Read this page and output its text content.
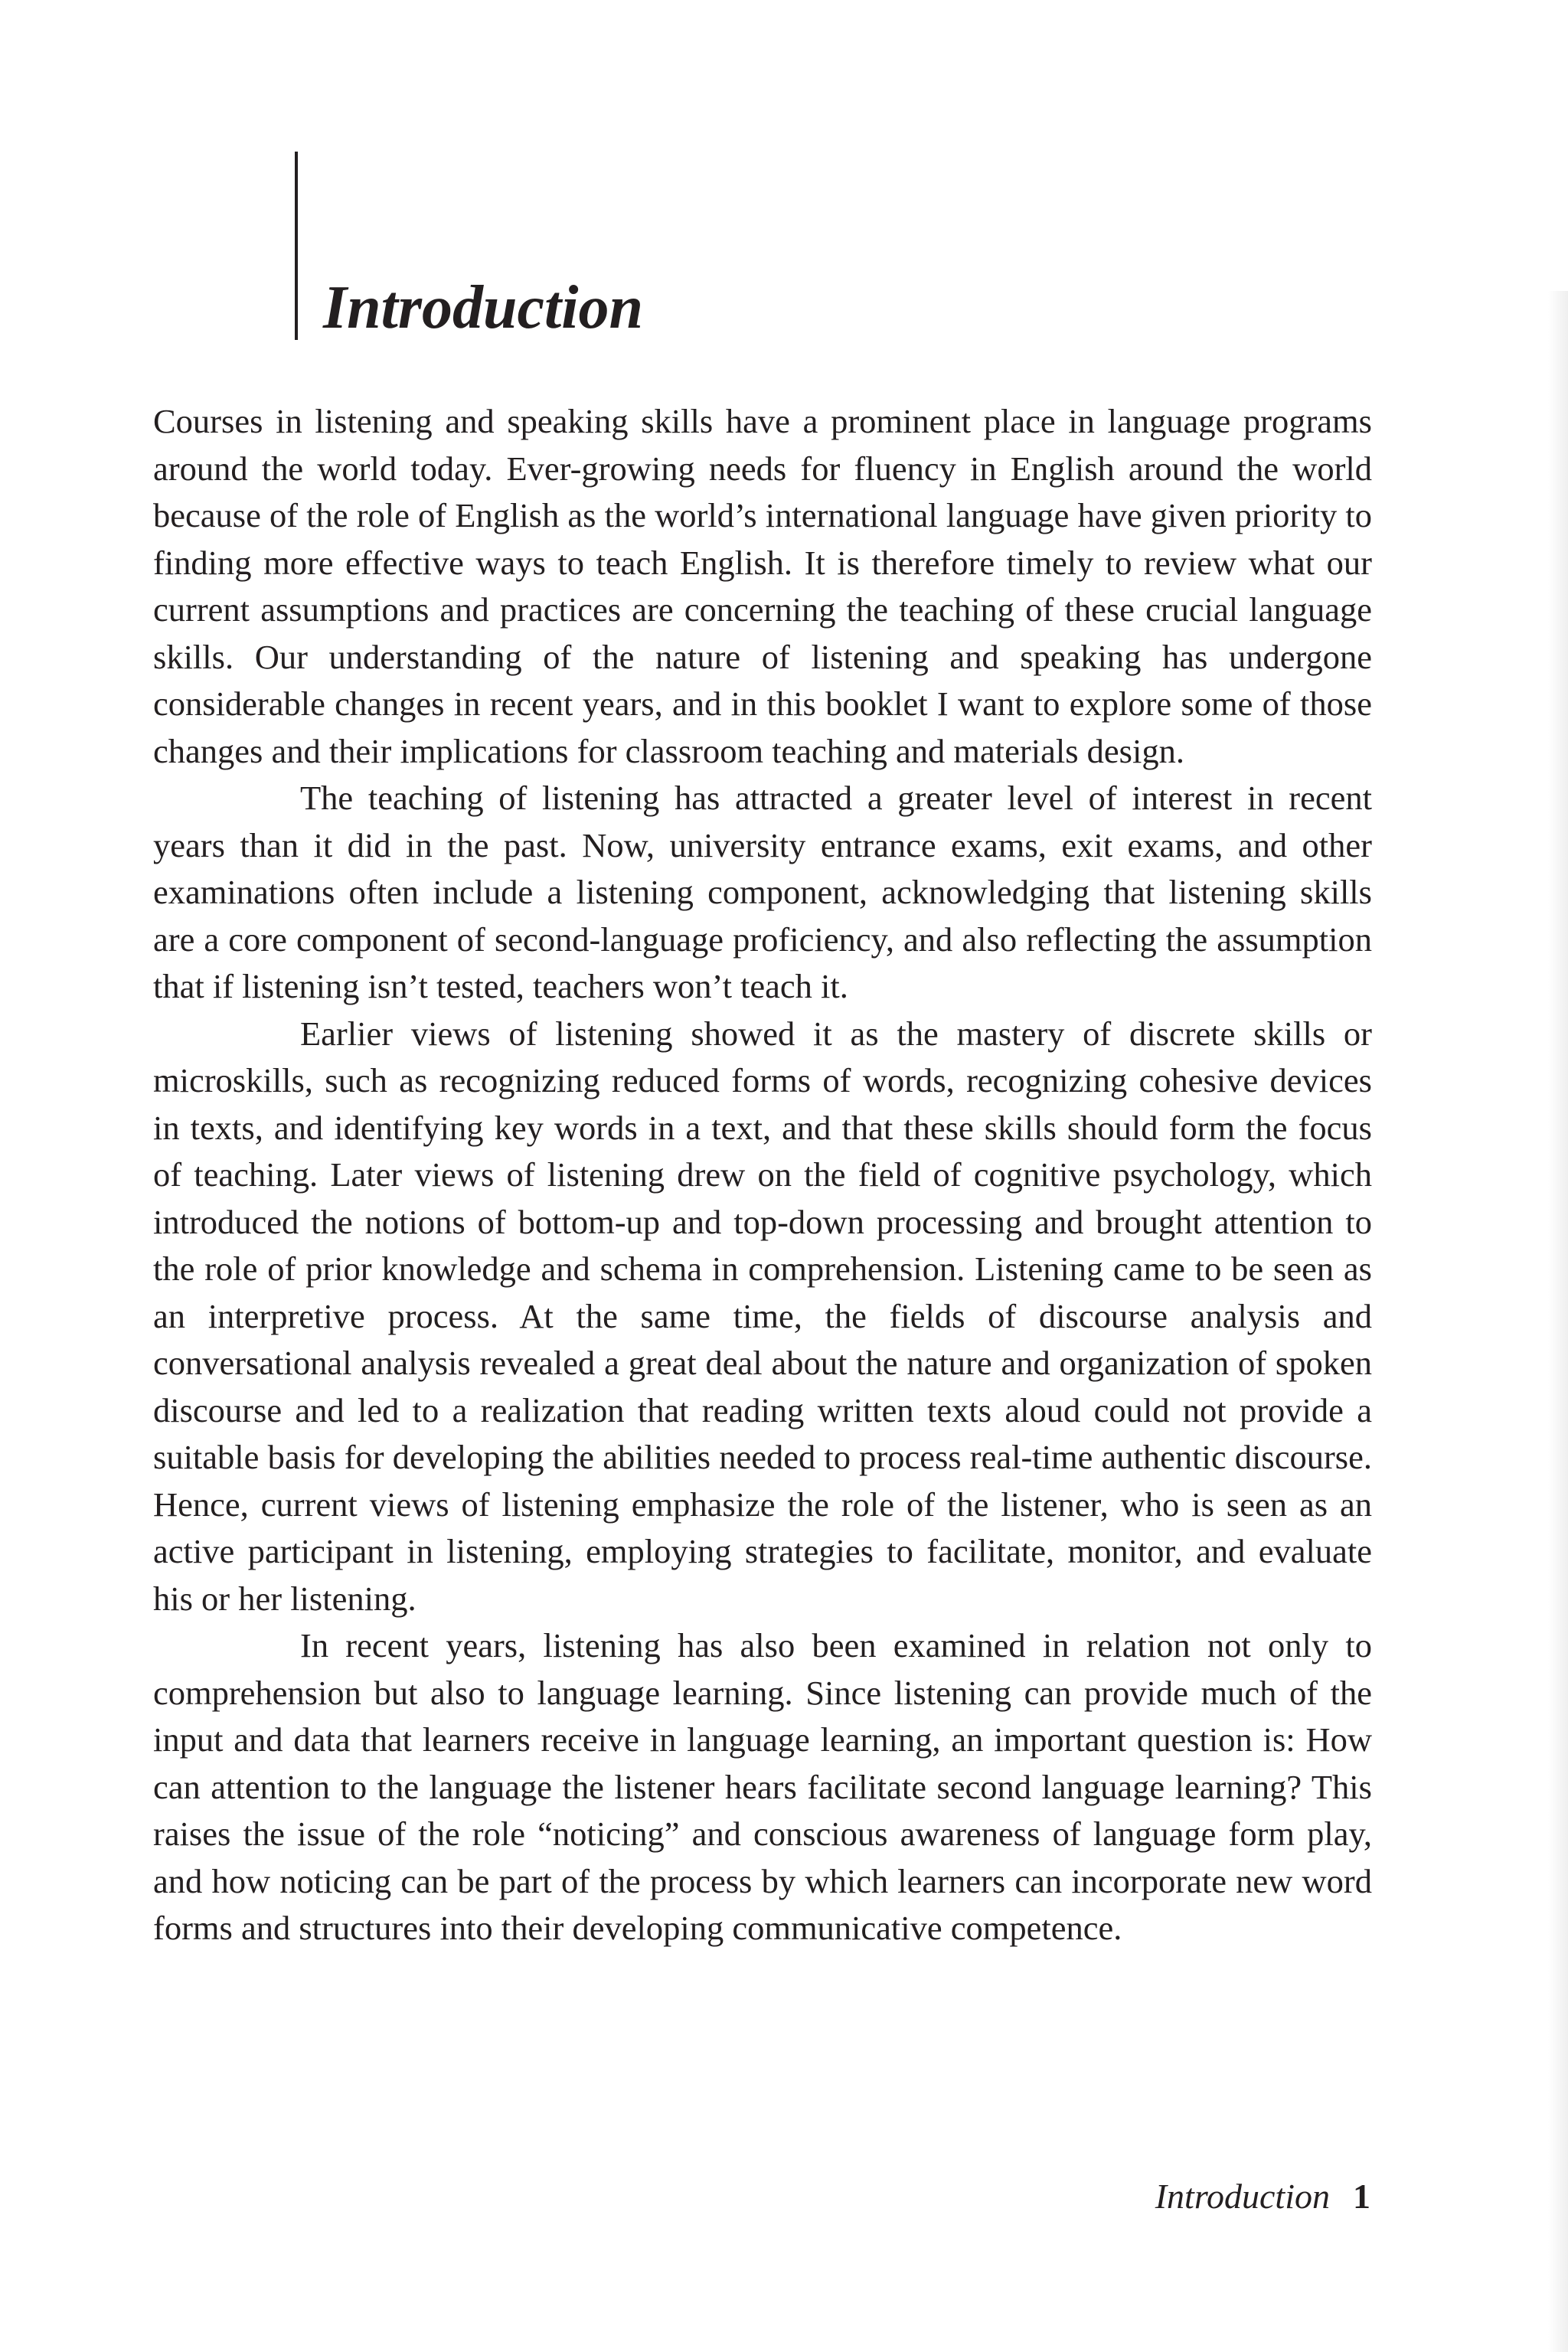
Introduction

Courses in listening and speaking skills have a prominent place in language programs around the world today. Ever-growing needs for fluency in English around the world because of the role of English as the world’s international language have given priority to finding more effective ways to teach English. It is therefore timely to review what our current assumptions and practices are concerning the teaching of these crucial language skills. Our understanding of the nature of listening and speaking has undergone considerable changes in recent years, and in this booklet I want to explore some of those changes and their implications for classroom teaching and materials design.

The teaching of listening has attracted a greater level of interest in recent years than it did in the past. Now, university entrance exams, exit exams, and other examinations often include a listening component, acknowledging that listening skills are a core component of second-language proficiency, and also reflecting the assumption that if listening isn’t tested, teachers won’t teach it.

Earlier views of listening showed it as the mastery of discrete skills or microskills, such as recognizing reduced forms of words, recognizing cohesive devices in texts, and identifying key words in a text, and that these skills should form the focus of teaching. Later views of listening drew on the field of cognitive psychology, which introduced the notions of bottom-up and top-down processing and brought attention to the role of prior knowledge and schema in comprehension. Listening came to be seen as an interpretive process. At the same time, the fields of discourse analysis and conversational analysis revealed a great deal about the nature and organization of spoken discourse and led to a realization that reading written texts aloud could not provide a suitable basis for developing the abilities needed to process real-time authentic discourse. Hence, current views of listening emphasize the role of the listener, who is seen as an active participant in listening, employing strategies to facilitate, monitor, and evaluate his or her listening.

In recent years, listening has also been examined in relation not only to comprehension but also to language learning. Since listening can provide much of the input and data that learners receive in language learning, an important question is: How can attention to the language the listener hears facilitate second language learning? This raises the issue of the role “noticing” and conscious awareness of language form play, and how noticing can be part of the process by which learners can incorporate new word forms and structures into their developing communicative competence.

Introduction 1
